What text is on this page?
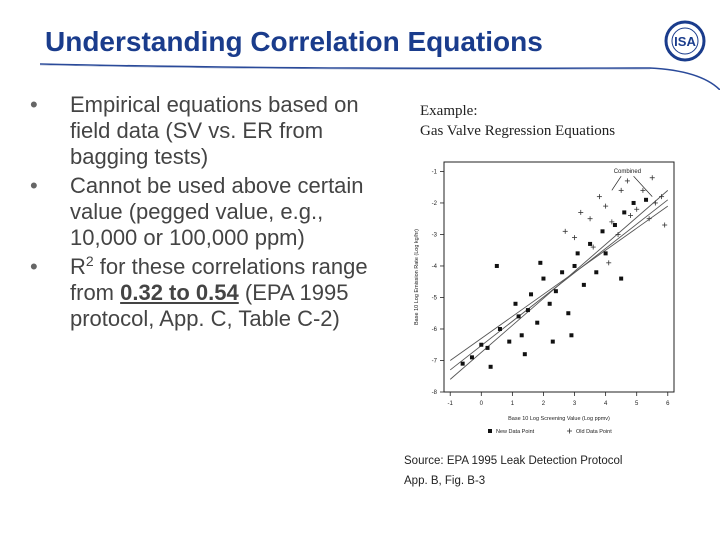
Understanding Correlation Equations	ISA
• Empirical equations based on field data (SV vs. ER from bagging tests)
• Cannot be used above certain value (pegged value, e.g., 10,000 or 100,000 ppm)
• $R^2$ for these correlations range from 0.32 to 0.54 (EPA 1995 protocol, App. C, Table C-2)
Example:
Gas Valve Regression Equations
-1	0	1	2	3	4	5	6
-1
-2
-3
-4
-5
-6
-7
-8
Combined
Base 10 Log Screening Value (Log ppmv)
Base 10 Log Emission Rate (Log kg/hr)
New Data Point	Old Data Point
Source: EPA 1995 Leak Detection Protocol
App. B, Fig. B-3
